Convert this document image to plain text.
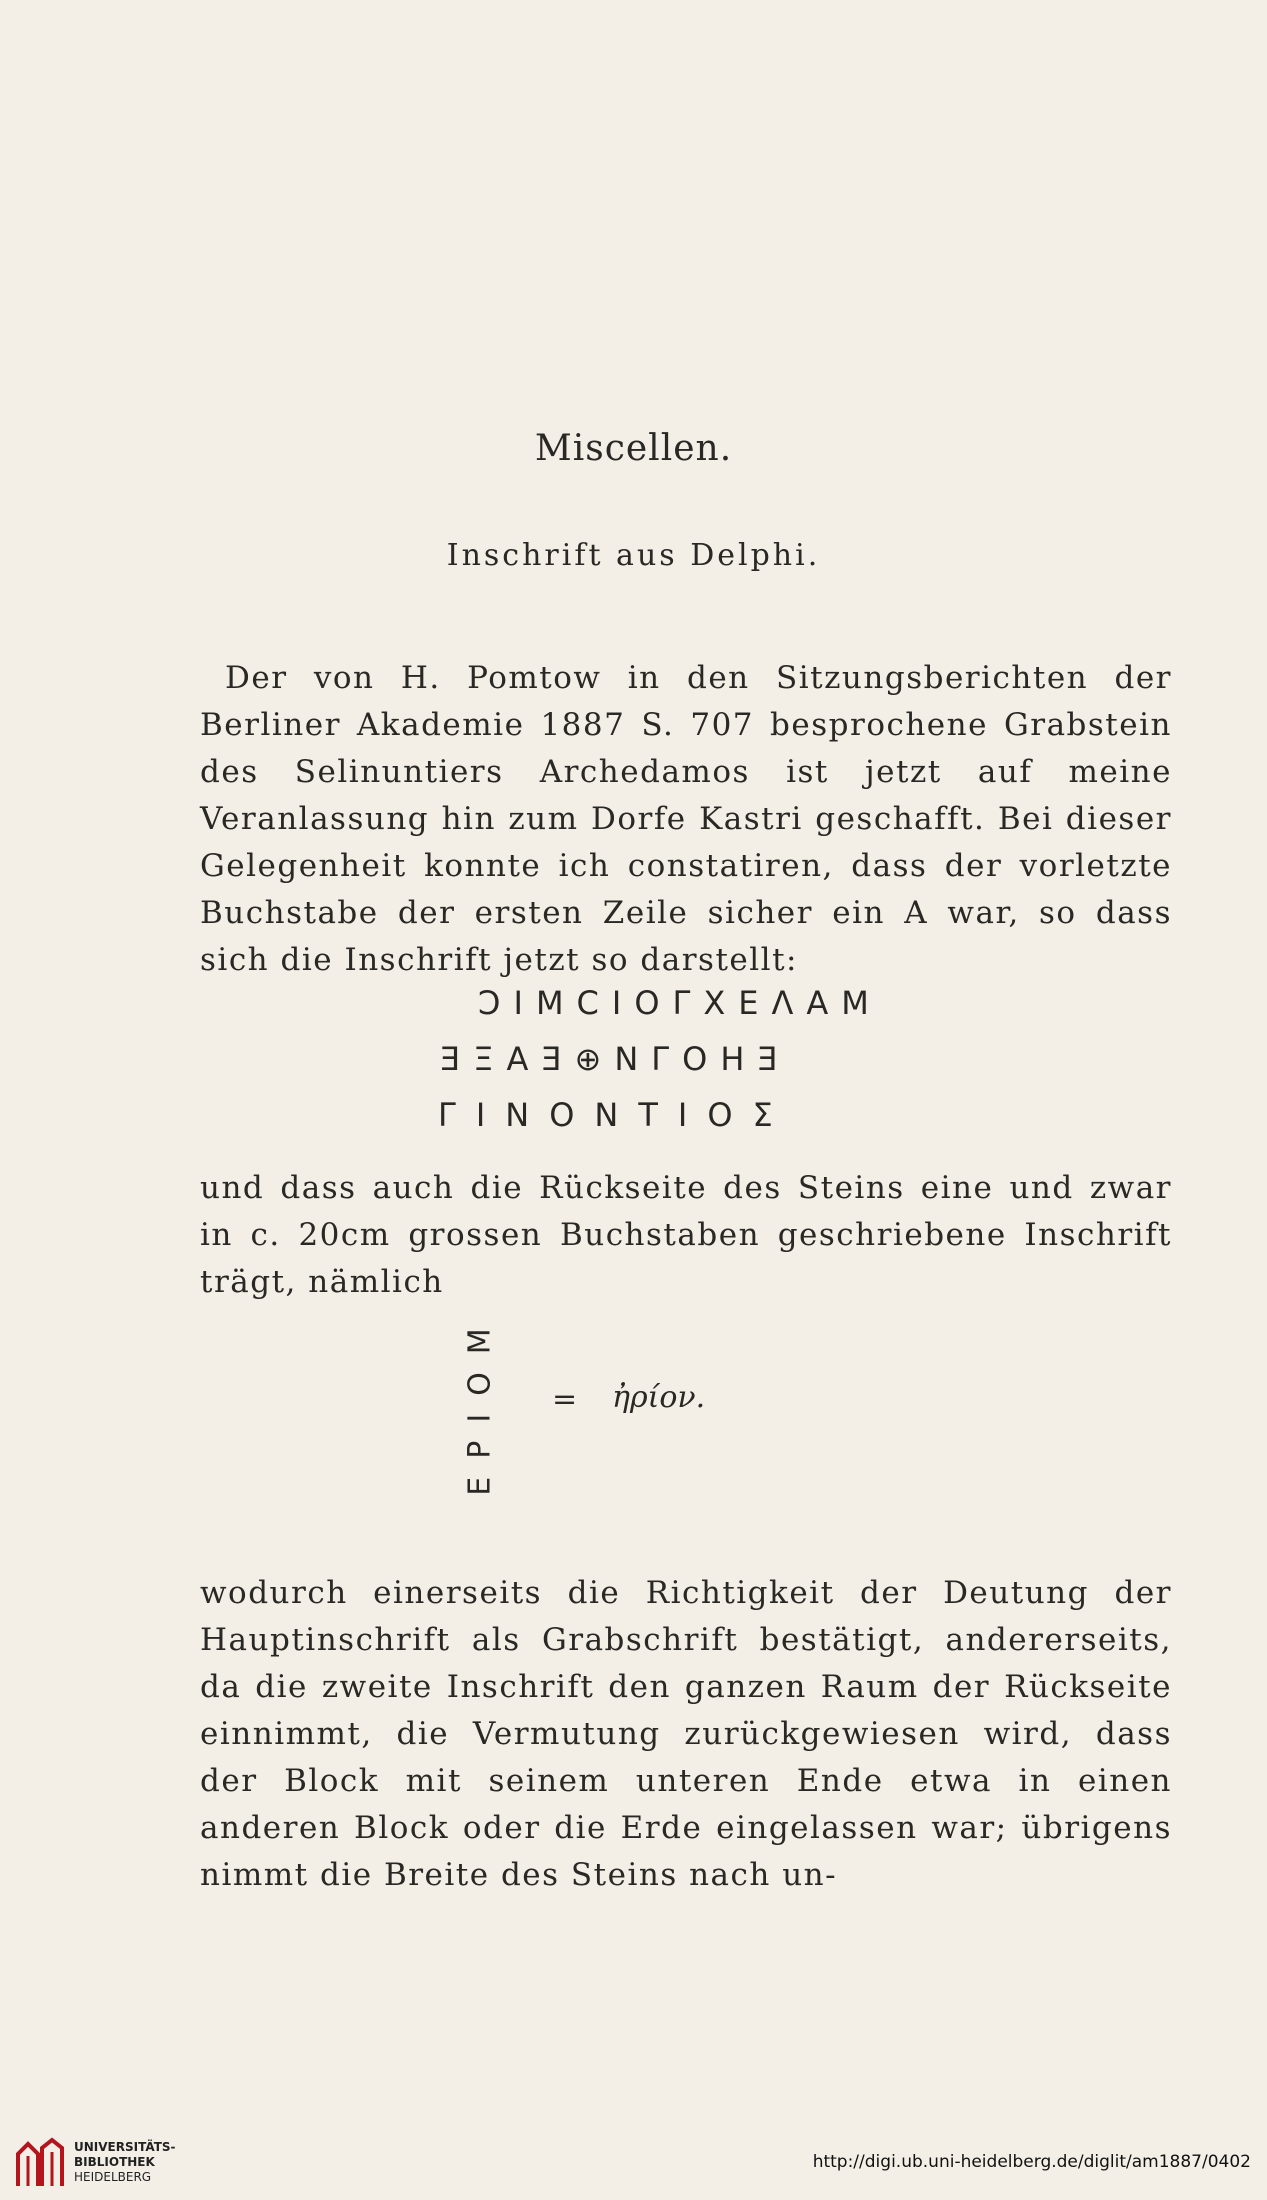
Miscellen.
Inschrift aus Delphi.

Der von H. Pomtow in den Sitzungsberichten der Berliner Akademie 1887 S. 707 besprochene Grabstein des Selinuntiers Archedamos ist jetzt auf meine Veranlassung hin zum Dorfe Kastri geschafft. Bei dieser Gelegenheit konnte ich constatiren, dass der vorletzte Buchstabe der ersten Zeile sicher ein A war, so dass sich die Inschrift jetzt so darstellt:

ϽΙΜϹΙΟΓΧΕΛΑΜ
ƎΞΑƎ⊕ΝΓΟΗƎ
ΓΙΝΟΝΤΙΟΣ

und dass auch die Rückseite des Steins eine und zwar in c. 20cm grossen Buchstaben geschriebene Inschrift trägt, nämlich

ΕΡΙΟΜ = ἠρίον.

wodurch einerseits die Richtigkeit der Deutung der Hauptinschrift als Grabschrift bestätigt, andererseits, da die zweite Inschrift den ganzen Raum der Rückseite einnimmt, die Vermutung zurückgewiesen wird, dass der Block mit seinem unteren Ende etwa in einen anderen Block oder die Erde eingelassen war; übrigens nimmt die Breite des Steins nach un-

UNIVERSITÄTS-
BIBLIOTHEK
HEIDELBERG
http://digi.ub.uni-heidelberg.de/diglit/am1887/0402
